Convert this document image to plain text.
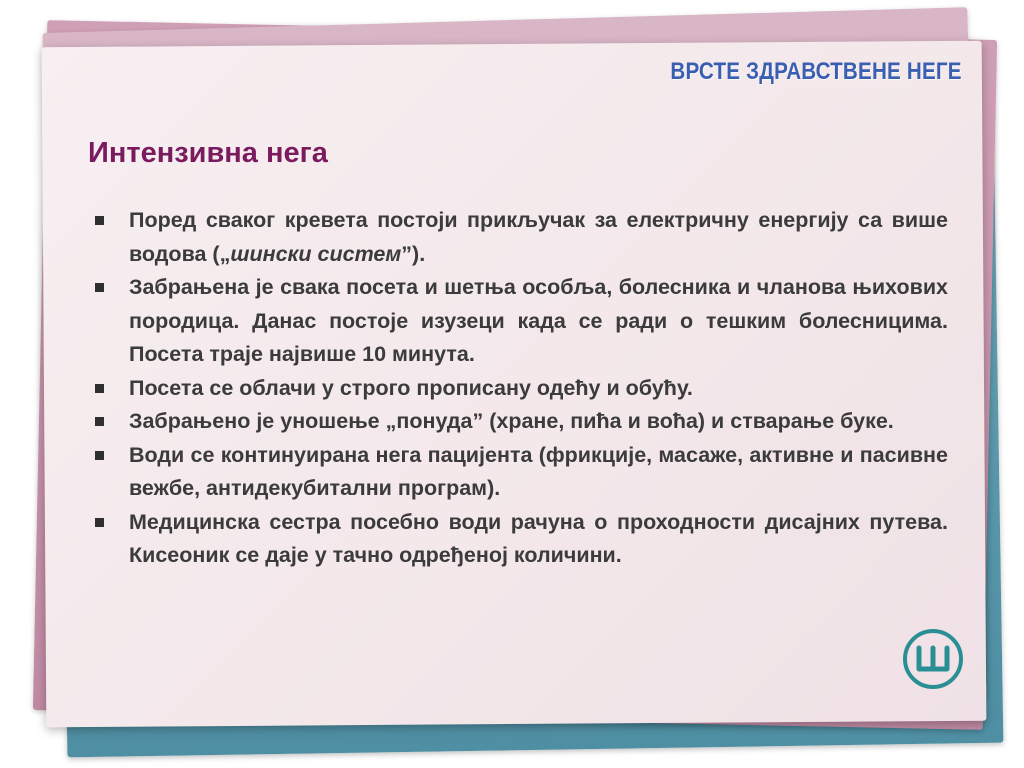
ВРСТЕ ЗДРАВСТВЕНЕ НЕГЕ
Интензивна нега
Поред сваког кревета постоји прикључак за електричну енергију са више водова („шински систем”).
Забрањена је свака посета и шетња особља, болесника и чланова њихових породица. Данас постоје изузеци када се ради о тешким болесницима. Посета траје највише 10 минута.
Посета се облачи у строго прописану одећу и обућу.
Забрањено је уношење „понуда” (хране, пића и воћа) и стварање буке.
Води се континуирана нега пацијента (фрикције, масаже, активне и пасивне вежбе, антидекубитални програм).
Медицинска сестра посебно води рачуна о проходности дисајних путева. Кисеоник се даје у тачно одређеној количини.
